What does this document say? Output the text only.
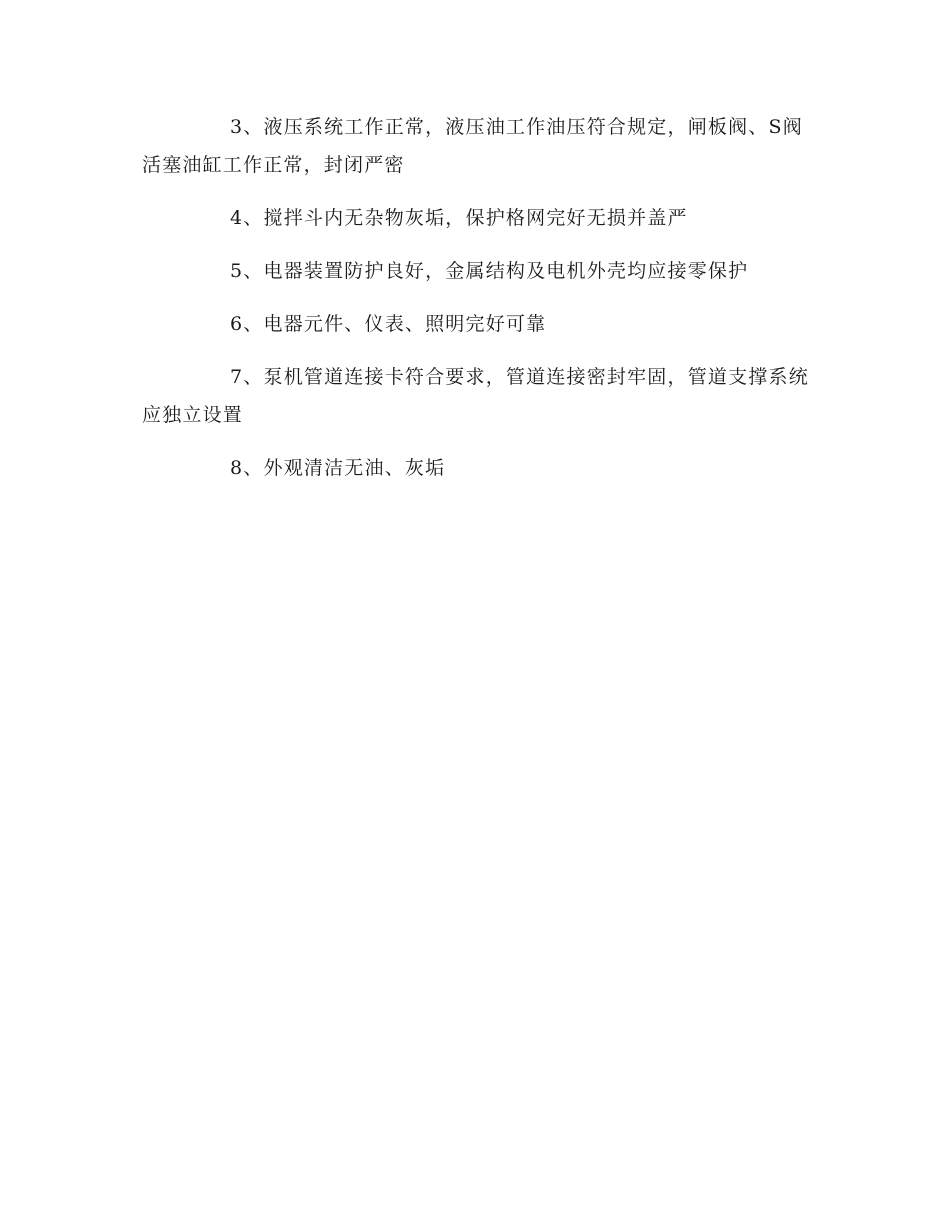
3、液压系统工作正常，液压油工作油压符合规定，闸板阀、S阀活塞油缸工作正常，封闭严密

4、搅拌斗内无杂物灰垢，保护格网完好无损并盖严

5、电器装置防护良好，金属结构及电机外壳均应接零保护

6、电器元件、仪表、照明完好可靠

7、泵机管道连接卡符合要求，管道连接密封牢固，管道支撑系统应独立设置

8、外观清洁无油、灰垢
